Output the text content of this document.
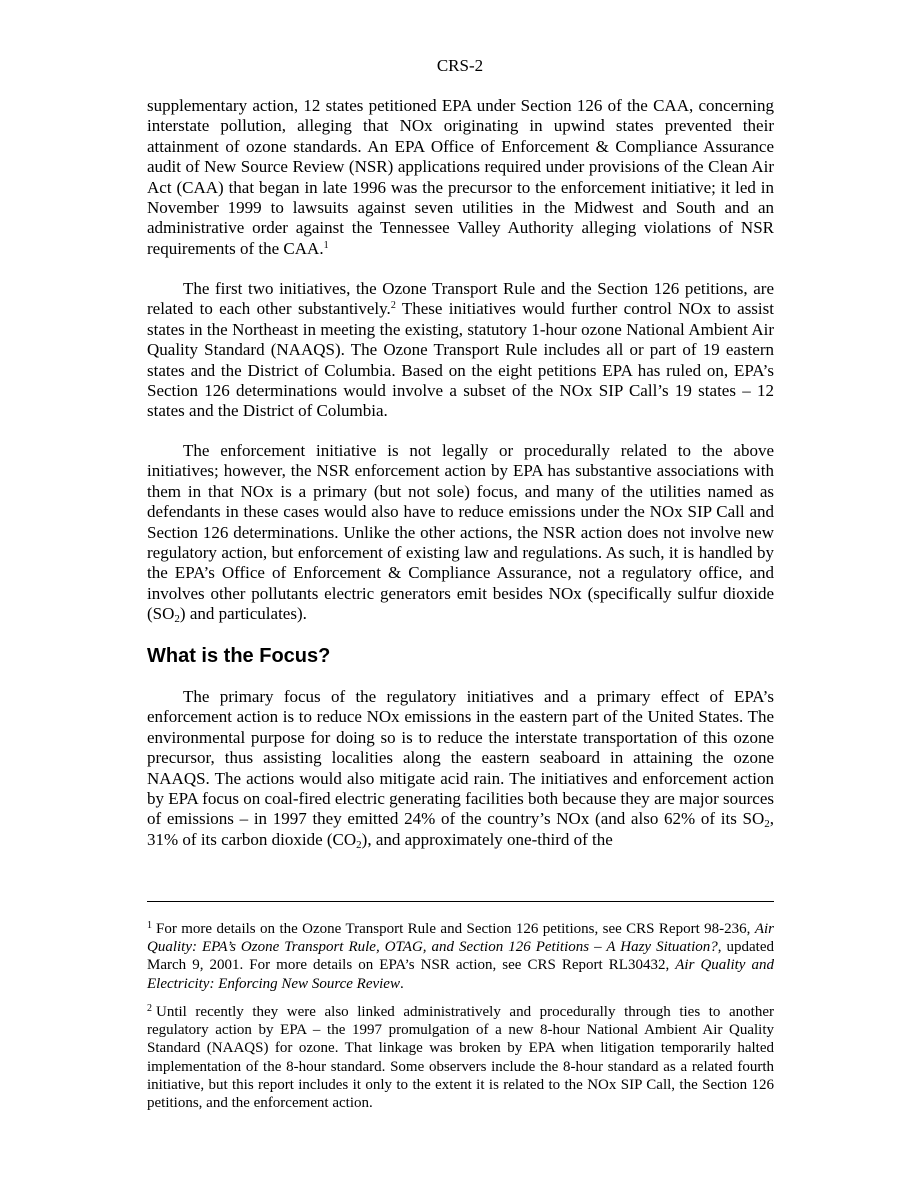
CRS-2

supplementary action, 12 states petitioned EPA under Section 126 of the CAA, concerning interstate pollution, alleging that NOx originating in upwind states prevented their attainment of ozone standards. An EPA Office of Enforcement & Compliance Assurance audit of New Source Review (NSR) applications required under provisions of the Clean Air Act (CAA) that began in late 1996 was the precursor to the enforcement initiative; it led in November 1999 to lawsuits against seven utilities in the Midwest and South and an administrative order against the Tennessee Valley Authority alleging violations of NSR requirements of the CAA.$^1$

The first two initiatives, the Ozone Transport Rule and the Section 126 petitions, are related to each other substantively.$^2$ These initiatives would further control NOx to assist states in the Northeast in meeting the existing, statutory 1-hour ozone National Ambient Air Quality Standard (NAAQS). The Ozone Transport Rule includes all or part of 19 eastern states and the District of Columbia. Based on the eight petitions EPA has ruled on, EPA’s Section 126 determinations would involve a subset of the NOx SIP Call’s 19 states – 12 states and the District of Columbia.

The enforcement initiative is not legally or procedurally related to the above initiatives; however, the NSR enforcement action by EPA has substantive associations with them in that NOx is a primary (but not sole) focus, and many of the utilities named as defendants in these cases would also have to reduce emissions under the NOx SIP Call and Section 126 determinations. Unlike the other actions, the NSR action does not involve new regulatory action, but enforcement of existing law and regulations. As such, it is handled by the EPA’s Office of Enforcement & Compliance Assurance, not a regulatory office, and involves other pollutants electric generators emit besides NOx (specifically sulfur dioxide $(SO_2)$ and particulates).

What is the Focus?

The primary focus of the regulatory initiatives and a primary effect of EPA’s enforcement action is to reduce NOx emissions in the eastern part of the United States. The environmental purpose for doing so is to reduce the interstate transportation of this ozone precursor, thus assisting localities along the eastern seaboard in attaining the ozone NAAQS. The actions would also mitigate acid rain. The initiatives and enforcement action by EPA focus on coal-fired electric generating facilities both because they are major sources of emissions – in 1997 they emitted 24% of the country’s NOx (and also 62% of its $SO_2$, 31% of its carbon dioxide $(CO_2)$, and approximately one-third of the

$^1$ For more details on the Ozone Transport Rule and Section 126 petitions, see CRS Report 98-236, Air Quality: EPA’s Ozone Transport Rule, OTAG, and Section 126 Petitions – A Hazy Situation?, updated March 9, 2001. For more details on EPA’s NSR action, see CRS Report RL30432, Air Quality and Electricity: Enforcing New Source Review.

$^2$ Until recently they were also linked administratively and procedurally through ties to another regulatory action by EPA – the 1997 promulgation of a new 8-hour National Ambient Air Quality Standard (NAAQS) for ozone. That linkage was broken by EPA when litigation temporarily halted implementation of the 8-hour standard. Some observers include the 8-hour standard as a related fourth initiative, but this report includes it only to the extent it is related to the NOx SIP Call, the Section 126 petitions, and the enforcement action.
